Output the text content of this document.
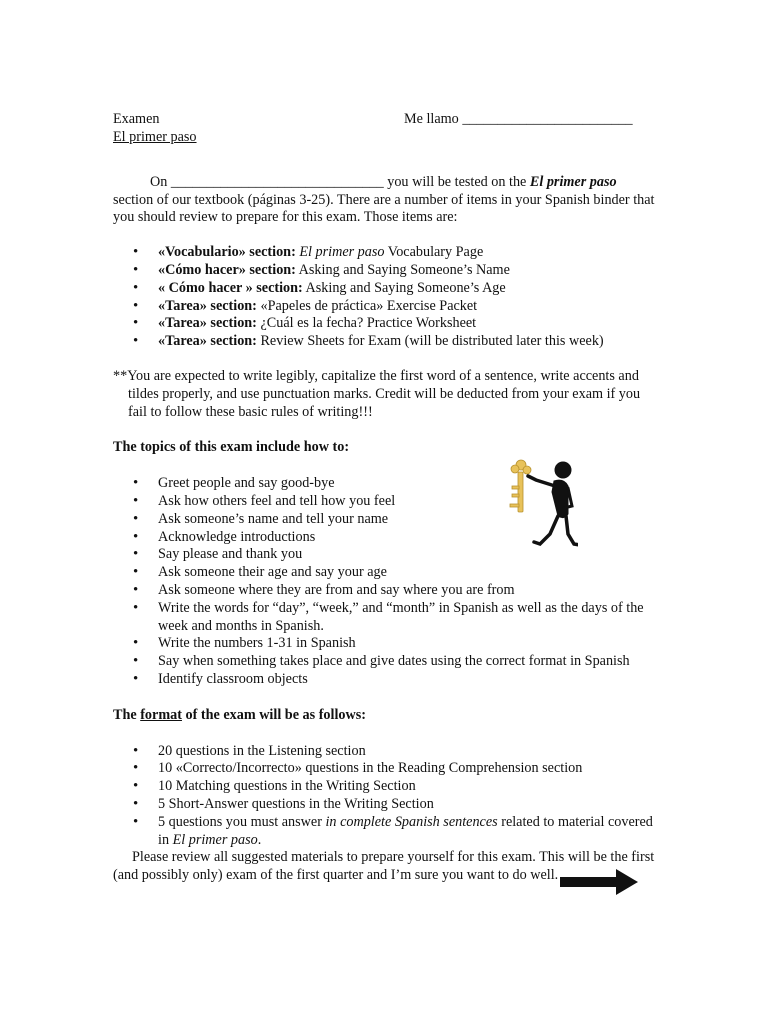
Examen	Me llamo ________________________
El primer paso

On ______________________________ you will be tested on the El primer paso section of our textbook (páginas 3-25). There are a number of items in your Spanish binder that you should review to prepare for this exam. Those items are:

• «Vocabulario» section: El primer paso Vocabulary Page
• «Cómo hacer» section: Asking and Saying Someone’s Name
• « Cómo hacer » section: Asking and Saying Someone’s Age
• «Tarea» section: «Papeles de práctica» Exercise Packet
• «Tarea» section: ¿Cuál es la fecha? Practice Worksheet
• «Tarea» section: Review Sheets for Exam (will be distributed later this week)

**You are expected to write legibly, capitalize the first word of a sentence, write accents and tildes properly, and use punctuation marks. Credit will be deducted from your exam if you fail to follow these basic rules of writing!!!

The topics of this exam include how to:
• Greet people and say good-bye
• Ask how others feel and tell how you feel
• Ask someone’s name and tell your name
• Acknowledge introductions
• Say please and thank you
• Ask someone their age and say your age
• Ask someone where they are from and say where you are from
• Write the words for “day”, “week,” and “month” in Spanish as well as the days of the week and months in Spanish.
• Write the numbers 1-31 in Spanish
• Say when something takes place and give dates using the correct format in Spanish
• Identify classroom objects
The format of the exam will be as follows:
• 20 questions in the Listening section
• 10 «Correcto/Incorrecto» questions in the Reading Comprehension section
• 10 Matching questions in the Writing Section
• 5 Short-Answer questions in the Writing Section
• 5 questions you must answer in complete Spanish sentences related to material covered in El primer paso.

Please review all suggested materials to prepare yourself for this exam. This will be the first (and possibly only) exam of the first quarter and I’m sure you want to do well.
